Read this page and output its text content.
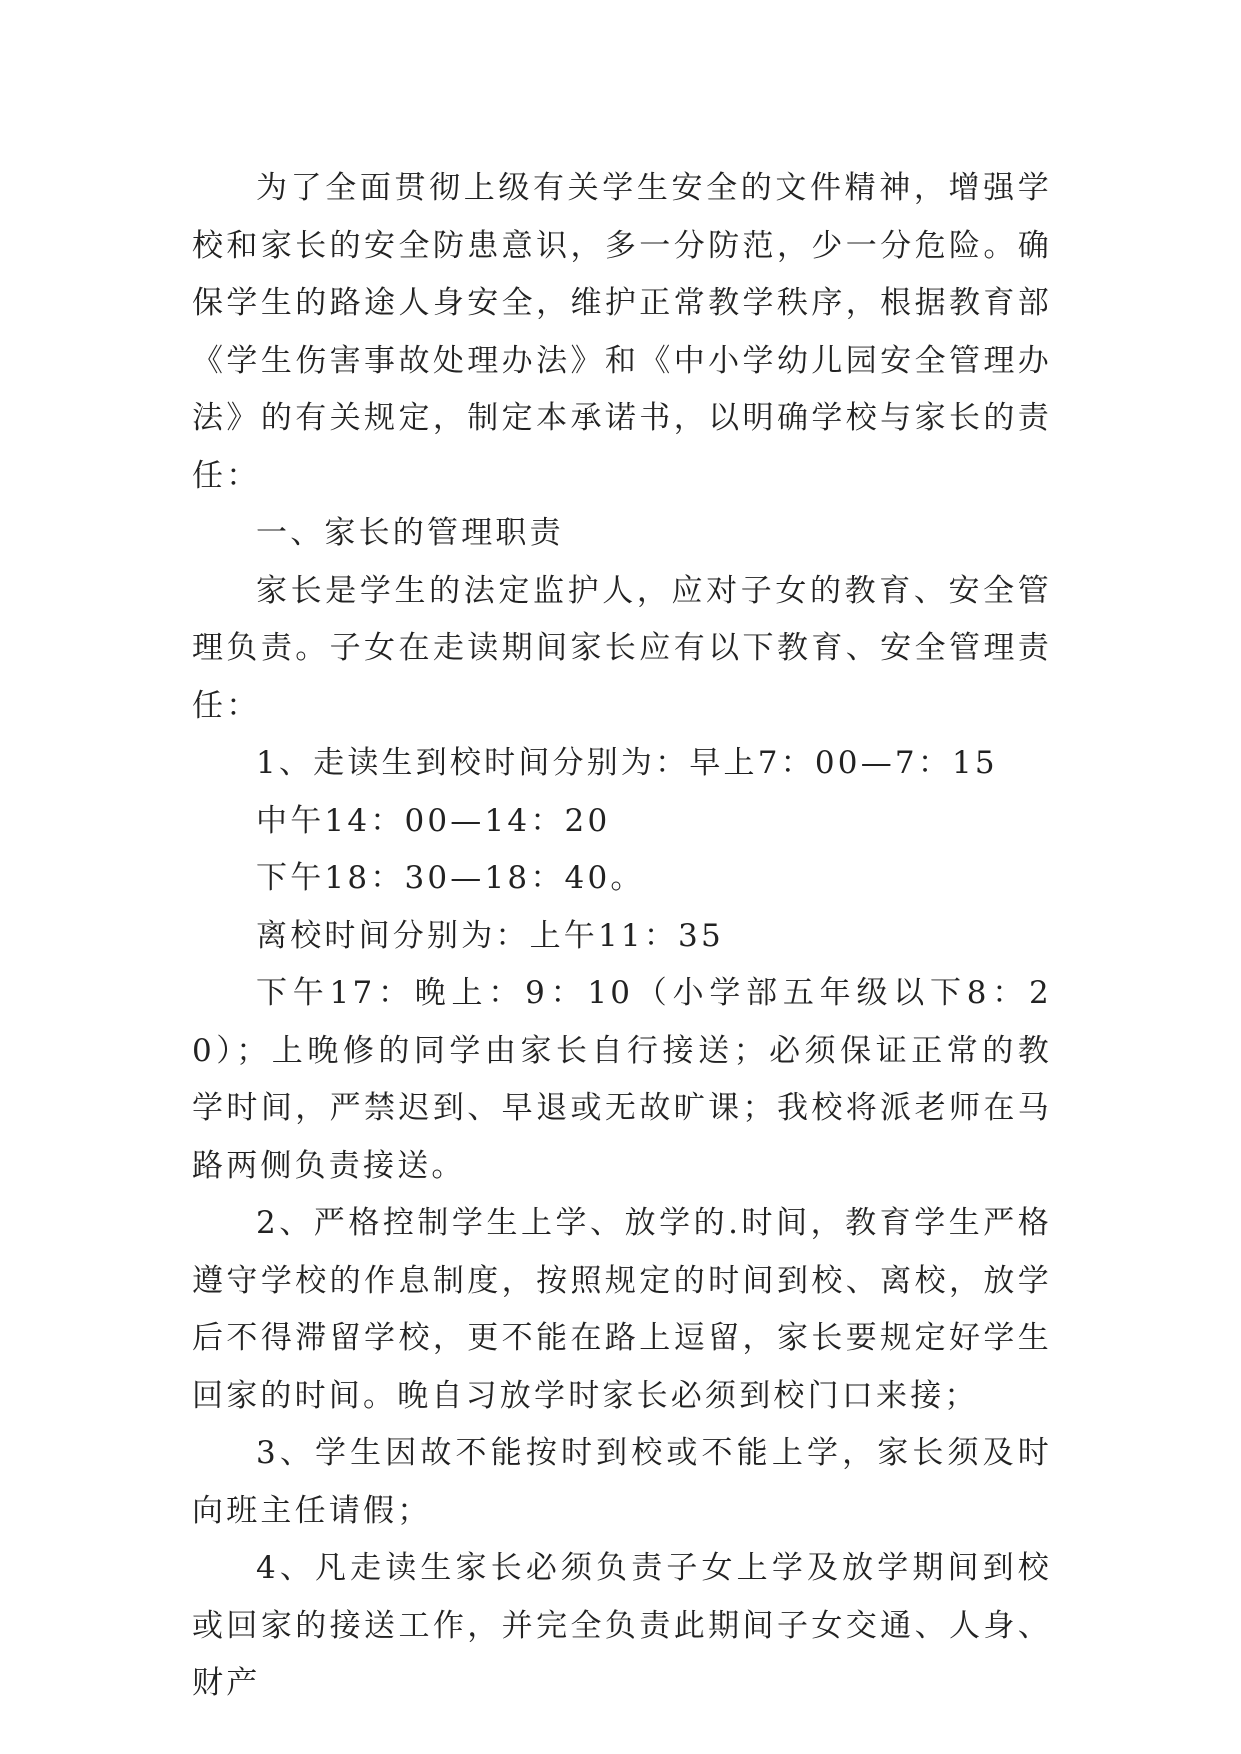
为了全面贯彻上级有关学生安全的文件精神，增强学校和家长的安全防患意识，多一分防范，少一分危险。确保学生的路途人身安全，维护正常教学秩序，根据教育部《学生伤害事故处理办法》和《中小学幼儿园安全管理办法》的有关规定，制定本承诺书，以明确学校与家长的责任：

一、家长的管理职责

家长是学生的法定监护人，应对子女的教育、安全管理负责。子女在走读期间家长应有以下教育、安全管理责任：

1、走读生到校时间分别为：早上7：00—7：15

中午14：00—14：20

下午18：30—18：40。

离校时间分别为：上午11：35

下午17：晚上：9：10（小学部五年级以下8：20）；上晚修的同学由家长自行接送；必须保证正常的教学时间，严禁迟到、早退或无故旷课；我校将派老师在马路两侧负责接送。

2、严格控制学生上学、放学的.时间，教育学生严格遵守学校的作息制度，按照规定的时间到校、离校，放学后不得滞留学校，更不能在路上逗留，家长要规定好学生回家的时间。晚自习放学时家长必须到校门口来接；

3、学生因故不能按时到校或不能上学，家长须及时向班主任请假；

4、凡走读生家长必须负责子女上学及放学期间到校或回家的接送工作，并完全负责此期间子女交通、人身、财产
